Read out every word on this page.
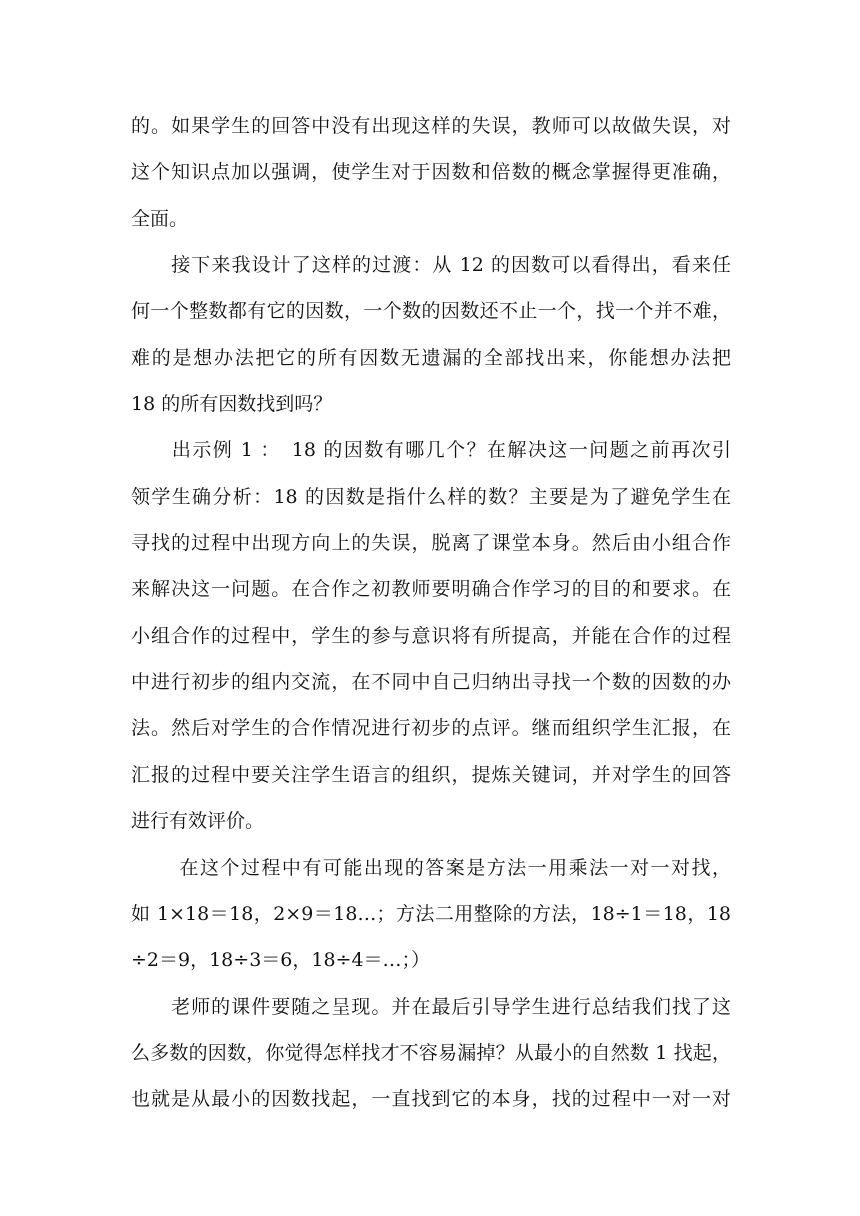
的。如果学生的回答中没有出现这样的失误，教师可以故做失误，对
这个知识点加以强调，使学生对于因数和倍数的概念掌握得更准确，
全面。
　　接下来我设计了这样的过渡：从 12 的因数可以看得出，看来任
何一个整数都有它的因数，一个数的因数还不止一个，找一个并不难，
难的是想办法把它的所有因数无遗漏的全部找出来，你能想办法把
18 的所有因数找到吗？
　　出示例 1 ：　18 的因数有哪几个？在解决这一问题之前再次引
领学生确分析：18 的因数是指什么样的数？主要是为了避免学生在
寻找的过程中出现方向上的失误，脱离了课堂本身。然后由小组合作
来解决这一问题。在合作之初教师要明确合作学习的目的和要求。在
小组合作的过程中，学生的参与意识将有所提高，并能在合作的过程
中进行初步的组内交流，在不同中自己归纳出寻找一个数的因数的办
法。然后对学生的合作情况进行初步的点评。继而组织学生汇报，在
汇报的过程中要关注学生语言的组织，提炼关键词，并对学生的回答
进行有效评价。
　　 在这个过程中有可能出现的答案是方法一用乘法一对一对找，
如 1×18＝18，2×9＝18…；方法二用整除的方法，18÷1＝18，18
÷2＝9，18÷3＝6，18÷4＝…；）
　　老师的课件要随之呈现。并在最后引导学生进行总结我们找了这
么多数的因数，你觉得怎样找才不容易漏掉？从最小的自然数 1 找起，
也就是从最小的因数找起，一直找到它的本身，找的过程中一对一对
